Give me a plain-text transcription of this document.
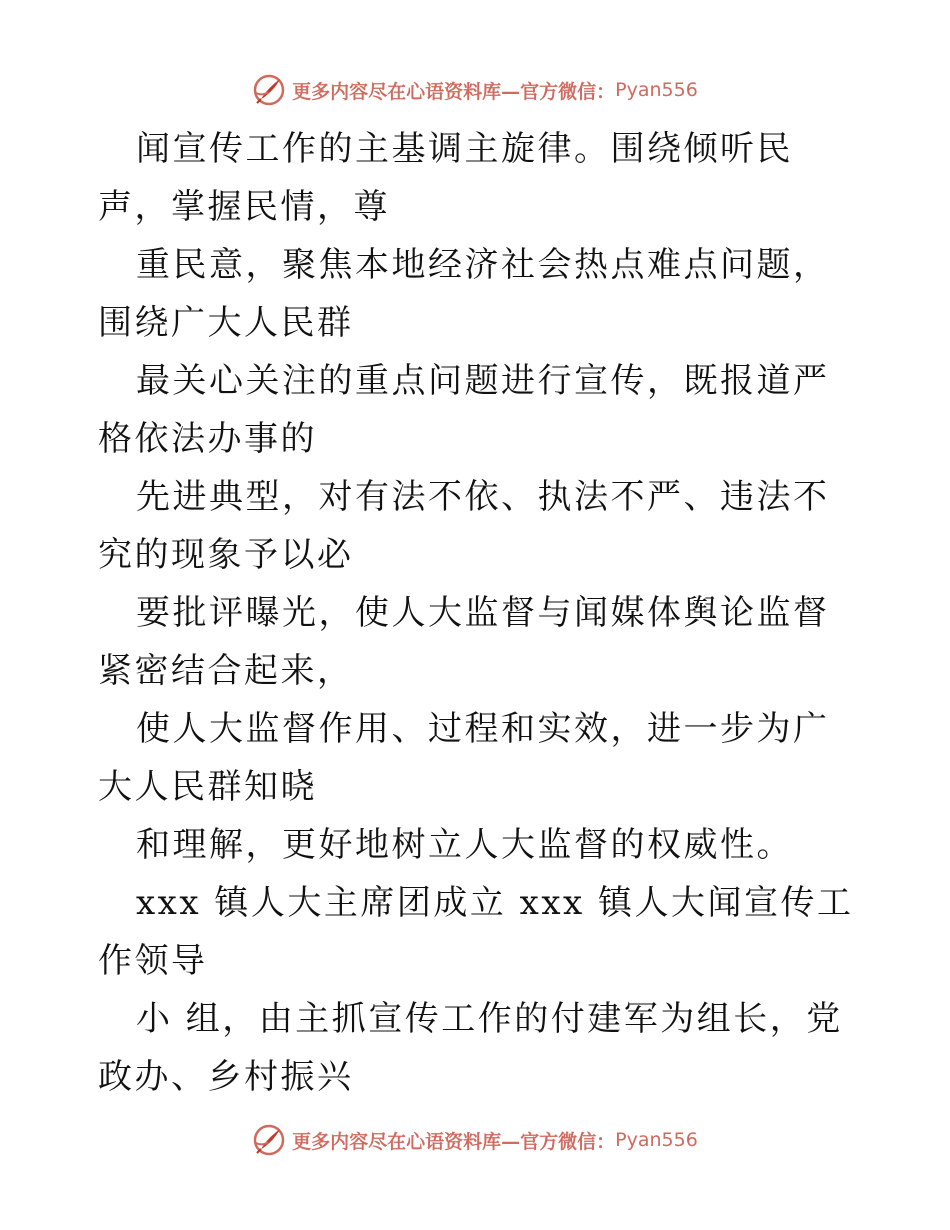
更多内容尽在心语资料库—官方微信： Pyan556

闻宣传工作的主基调主旋律。围绕倾听民声，掌握民情，尊

重民意，聚焦本地经济社会热点难点问题，围绕广大人民群

最关心关注的重点问题进行宣传，既报道严格依法办事的

先进典型，对有法不依、执法不严、违法不究的现象予以必

要批评曝光，使人大监督与闻媒体舆论监督紧密结合起来，

使人大监督作用、过程和实效，进一步为广大人民群知晓

和理解，更好地树立人大监督的权威性。

xxx 镇人大主席团成立 xxx 镇人大闻宣传工作领导

小 组，由主抓宣传工作的付建军为组长，党政办、乡村振兴

更多内容尽在心语资料库—官方微信： Pyan556
